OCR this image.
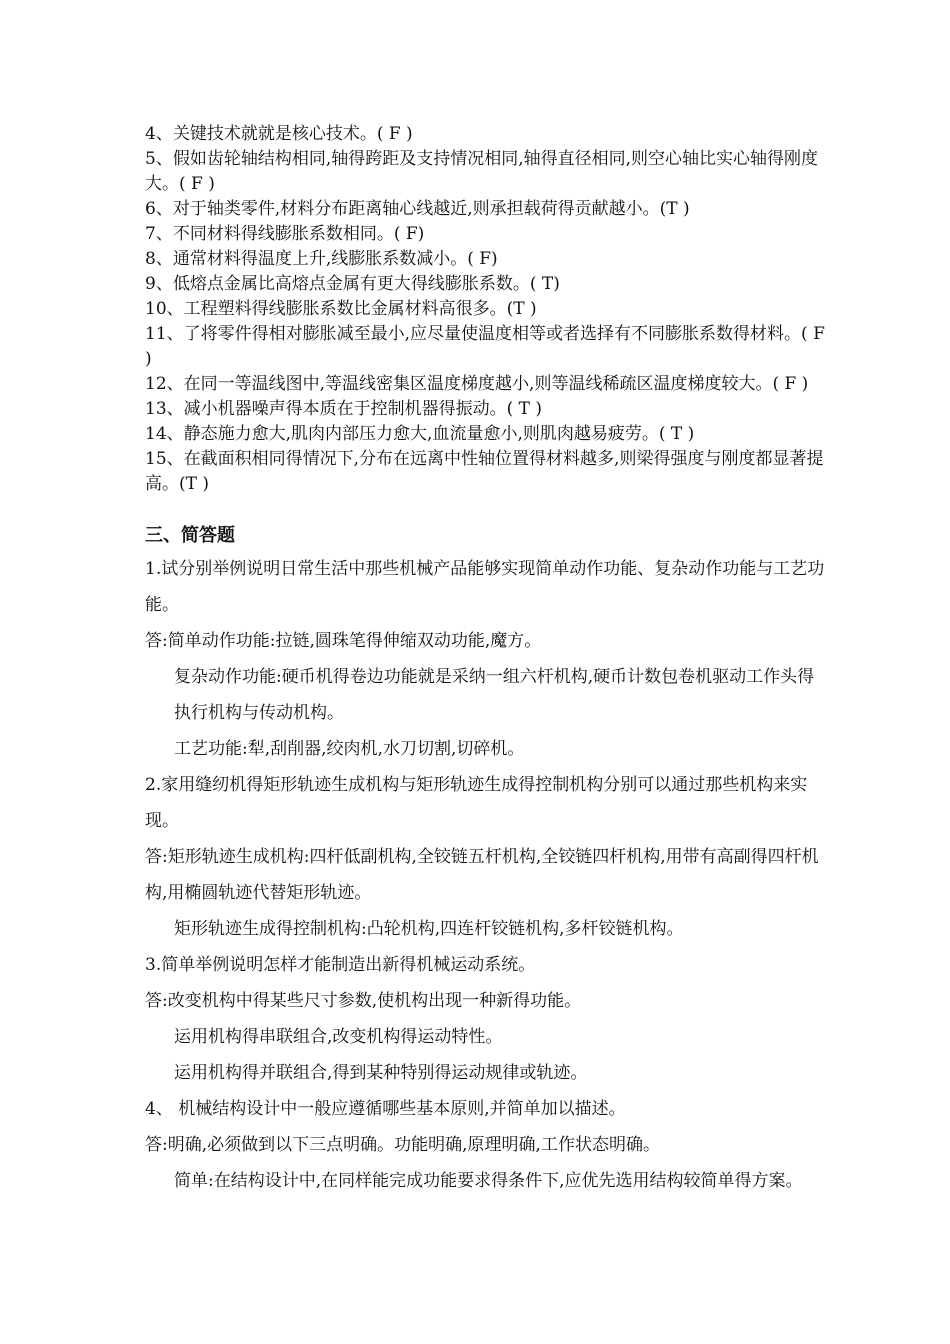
4、关键技术就就是核心技术。( F )

5、假如齿轮轴结构相同,轴得跨距及支持情况相同,轴得直径相同,则空心轴比实心轴得刚度大。( F )

6、对于轴类零件,材料分布距离轴心线越近,则承担载荷得贡献越小。(T )

7、不同材料得线膨胀系数相同。( F)

8、通常材料得温度上升,线膨胀系数减小。( F)

9、低熔点金属比高熔点金属有更大得线膨胀系数。( T)

10、工程塑料得线膨胀系数比金属材料高很多。(T )

11、了将零件得相对膨胀减至最小,应尽量使温度相等或者选择有不同膨胀系数得材料。( F )

12、在同一等温线图中,等温线密集区温度梯度越小,则等温线稀疏区温度梯度较大。( F )

13、减小机器噪声得本质在于控制机器得振动。( T )

14、静态施力愈大,肌肉内部压力愈大,血流量愈小,则肌肉越易疲劳。( T )

15、在截面积相同得情况下,分布在远离中性轴位置得材料越多,则梁得强度与刚度都显著提高。(T )

三、简答题

1.试分别举例说明日常生活中那些机械产品能够实现简单动作功能、复杂动作功能与工艺功能。

答:简单动作功能:拉链,圆珠笔得伸缩双动功能,魔方。

复杂动作功能:硬币机得卷边功能就是采纳一组六杆机构,硬币计数包卷机驱动工作头得执行机构与传动机构。

工艺功能:犁,刮削器,绞肉机,水刀切割,切碎机。

2.家用缝纫机得矩形轨迹生成机构与矩形轨迹生成得控制机构分别可以通过那些机构来实现。

答:矩形轨迹生成机构:四杆低副机构,全铰链五杆机构,全铰链四杆机构,用带有高副得四杆机构,用椭圆轨迹代替矩形轨迹。

矩形轨迹生成得控制机构:凸轮机构,四连杆铰链机构,多杆铰链机构。

3.简单举例说明怎样才能制造出新得机械运动系统。

答:改变机构中得某些尺寸参数,使机构出现一种新得功能。

运用机构得串联组合,改变机构得运动特性。

运用机构得并联组合,得到某种特别得运动规律或轨迹。

4、 机械结构设计中一般应遵循哪些基本原则,并简单加以描述。

答:明确,必须做到以下三点明确。功能明确,原理明确,工作状态明确。

简单:在结构设计中,在同样能完成功能要求得条件下,应优先选用结构较简单得方案。
